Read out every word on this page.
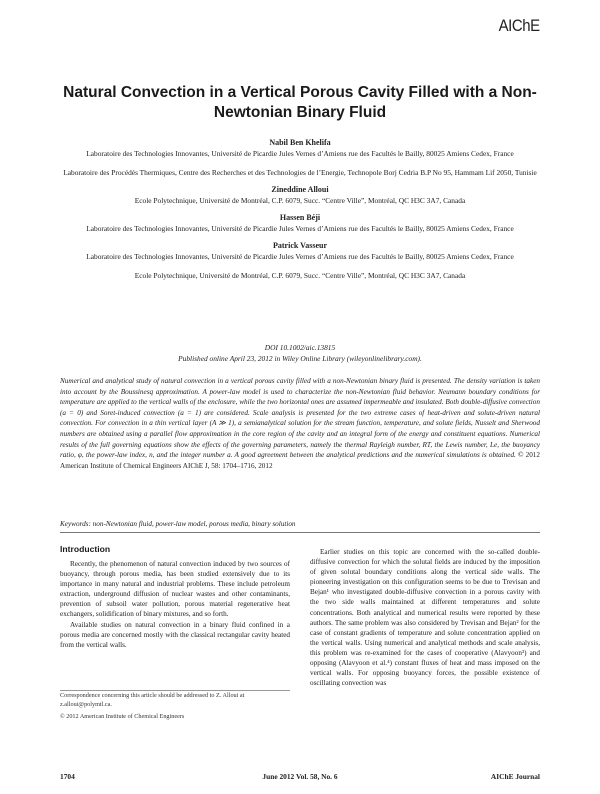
AIChE
Natural Convection in a Vertical Porous Cavity Filled with a Non-Newtonian Binary Fluid
Nabil Ben Khelifa
Laboratoire des Technologies Innovantes, Université de Picardie Jules Vernes d’Amiens rue des Facultés le Bailly, 80025 Amiens Cedex, France
Laboratoire des Procédés Thermiques, Centre des Recherches et des Technologies de l’Energie, Technopole Borj Cedria B.P No 95, Hammam Lif 2050, Tunisie
Zineddine Alloui
Ecole Polytechnique, Université de Montréal, C.P. 6079, Succ. “Centre Ville”, Montréal, QC H3C 3A7, Canada
Hassen Béji
Laboratoire des Technologies Innovantes, Université de Picardie Jules Vernes d’Amiens rue des Facultés le Bailly, 80025 Amiens Cedex, France
Patrick Vasseur
Laboratoire des Technologies Innovantes, Université de Picardie Jules Vernes d’Amiens rue des Facultés le Bailly, 80025 Amiens Cedex, France
Ecole Polytechnique, Université de Montréal, C.P. 6079, Succ. “Centre Ville”, Montréal, QC H3C 3A7, Canada
DOI 10.1002/aic.13815
Published online April 23, 2012 in Wiley Online Library (wileyonlinelibrary.com).
Numerical and analytical study of natural convection in a vertical porous cavity filled with a non-Newtonian binary fluid is presented. The density variation is taken into account by the Boussinesq approximation. A power-law model is used to characterize the non-Newtonian fluid behavior. Neumann boundary conditions for temperature are applied to the vertical walls of the enclosure, while the two horizontal ones are assumed impermeable and insulated. Both double-diffusive convection (a = 0) and Soret-induced convection (a = 1) are considered. Scale analysis is presented for the two extreme cases of heat-driven and solute-driven natural convection. For convection in a thin vertical layer (A ≫ 1), a semianalytical solution for the stream function, temperature, and solute fields, Nusselt and Sherwood numbers are obtained using a parallel flow approximation in the core region of the cavity and an integral form of the energy and constituent equations. Numerical results of the full governing equations show the effects of the governing parameters, namely the thermal Rayleigh number, RT, the Lewis number, Le, the buoyancy ratio, φ, the power-law index, n, and the integer number a. A good agreement between the analytical predictions and the numerical simulations is obtained. © 2012 American Institute of Chemical Engineers AIChE J, 58: 1704–1716, 2012
Keywords: non-Newtonian fluid, power-law model, porous media, binary solution
Introduction

Recently, the phenomenon of natural convection induced by two sources of buoyancy, through porous media, has been studied extensively due to its importance in many natural and industrial problems. These include petroleum extraction, underground diffusion of nuclear wastes and other contaminants, prevention of subsoil water pollution, porous material regenerative heat exchangers, solidification of binary mixtures, and so forth.

Available studies on natural convection in a binary fluid confined in a porous media are concerned mostly with the classical rectangular cavity heated from the vertical walls.

Correspondence concerning this article should be addressed to Z. Alloui at z.alloui@polymtl.ca.
© 2012 American Institute of Chemical Engineers

Earlier studies on this topic are concerned with the so-called double-diffusive convection for which the solutal fields are induced by the imposition of given solutal boundary conditions along the vertical side walls. The pioneering investigation on this configuration seems to be due to Trevisan and Bejan¹ who investigated double-diffusive convection in a porous cavity with the two side walls maintained at different temperatures and solute concentrations. Both analytical and numerical results were reported by these authors. The same problem was also considered by Trevisan and Bejan² for the case of constant gradients of temperature and solute concentration applied on the vertical walls. Using numerical and analytical methods and scale analysis, this problem was re-examined for the cases of cooperative (Alavyoon³) and opposing (Alavyoon et al.⁴) constant fluxes of heat and mass imposed on the vertical walls. For opposing buoyancy forces, the possible existence of oscillating convection was

1704	June 2012 Vol. 58, No. 6	AIChE Journal
